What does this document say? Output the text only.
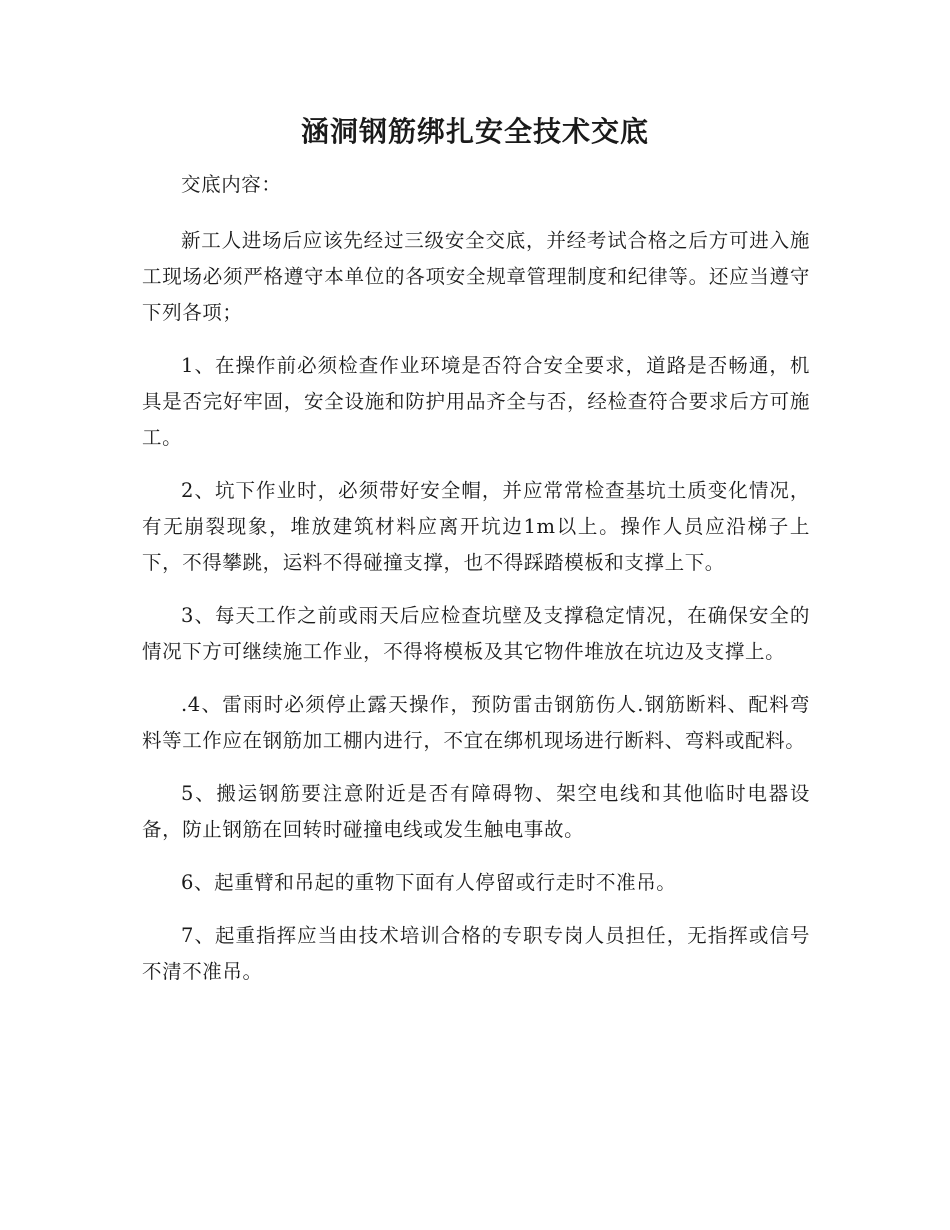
涵洞钢筋绑扎安全技术交底

交底内容：

新工人进场后应该先经过三级安全交底，并经考试合格之后方可进入施工现场必须严格遵守本单位的各项安全规章管理制度和纪律等。还应当遵守下列各项；

1、在操作前必须检查作业环境是否符合安全要求，道路是否畅通，机具是否完好牢固，安全设施和防护用品齐全与否，经检查符合要求后方可施工。

2、坑下作业时，必须带好安全帽，并应常常检查基坑土质变化情况，有无崩裂现象，堆放建筑材料应离开坑边1m以上。操作人员应沿梯子上下，不得攀跳，运料不得碰撞支撑，也不得踩踏模板和支撑上下。

3、每天工作之前或雨天后应检查坑壁及支撑稳定情况，在确保安全的情况下方可继续施工作业，不得将模板及其它物件堆放在坑边及支撑上。

.4、雷雨时必须停止露天操作，预防雷击钢筋伤人.钢筋断料、配料弯料等工作应在钢筋加工棚内进行，不宜在绑机现场进行断料、弯料或配料。

5、搬运钢筋要注意附近是否有障碍物、架空电线和其他临时电器设备，防止钢筋在回转时碰撞电线或发生触电事故。

6、起重臂和吊起的重物下面有人停留或行走时不准吊。

7、起重指挥应当由技术培训合格的专职专岗人员担任，无指挥或信号不清不准吊。
